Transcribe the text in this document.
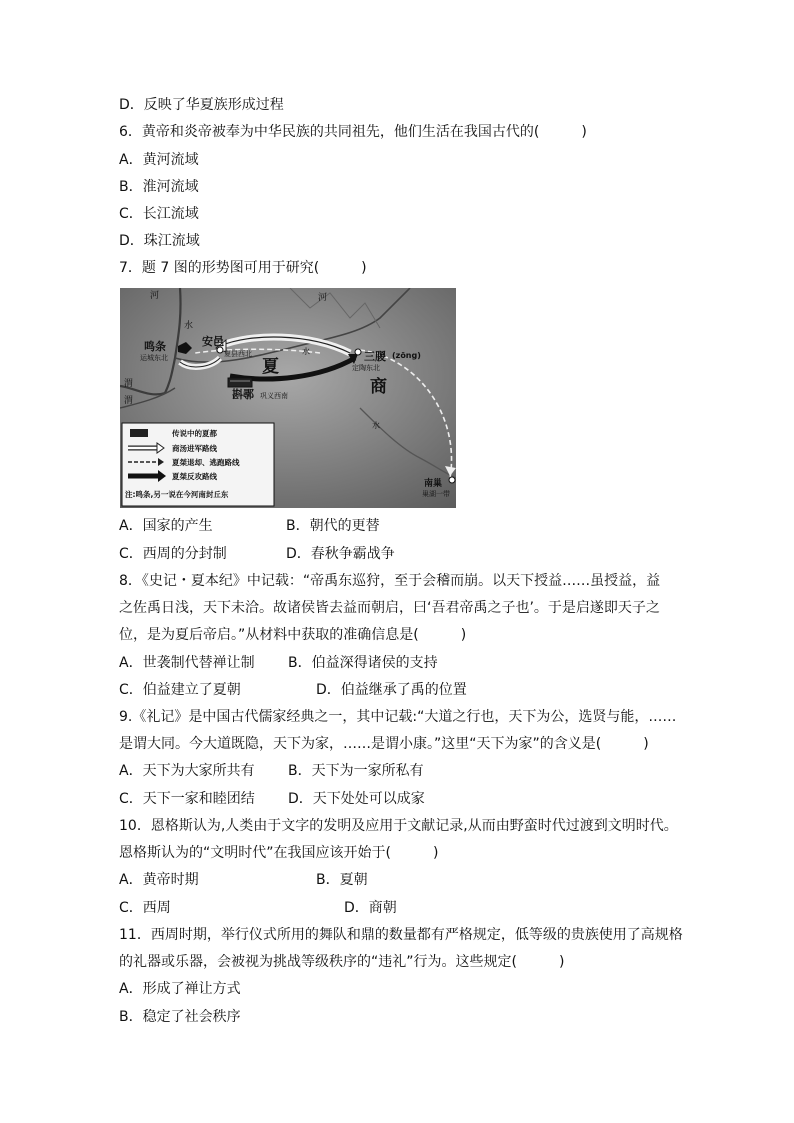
D．反映了华夏族形成过程
6．黄帝和炎帝被奉为中华民族的共同祖先，他们生活在我国古代的(　　　)
A．黄河流域
B．淮河流域
C．长江流域
D．珠江流域
7．题 7 图的形势图可用于研究(　　　)
河
水
河
渭
渭
水
水
安邑
鸣条
运城东北	夏县西北
夏
商
三朡 (zōng)
定陶东北
斟鄩 巩义西南
南巢
巢湖一带
传说中的夏都
商汤进军路线
夏桀退却、逃跑路线
夏桀反攻路线
注:鸣条,另一说在今河南封丘东
A．国家的产生	B．朝代的更替
C．西周的分封制	D．春秋争霸战争
8．《史记・夏本纪》中记载：“帝禹东巡狩，至于会稽而崩。以天下授益……虽授益，益
之佐禹日浅，天下未洽。故诸侯皆去益而朝启，曰‘吾君帝禹之子也’。于是启遂即天子之
位，是为夏后帝启。”从材料中获取的准确信息是(　　　)
A．世袭制代替禅让制 B．伯益深得诸侯的支持
C．伯益建立了夏朝	D．伯益继承了禹的位置
9.《礼记》是中国古代儒家经典之一，其中记载:“大道之行也，天下为公，选贤与能，……
是谓大同。今大道既隐，天下为家，……是谓小康。”这里“天下为家”的含义是(　　　)
A．天下为大家所共有 B．天下为一家所私有
C．天下一家和睦团结 D．天下处处可以成家
10．恩格斯认为,人类由于文字的发明及应用于文献记录,从而由野蛮时代过渡到文明时代。
恩格斯认为的“文明时代”在我国应该开始于(　　　)
A．黄帝时期	B．夏朝
C．西周	D．商朝
11．西周时期，举行仪式所用的舞队和鼎的数量都有严格规定，低等级的贵族使用了高规格
的礼器或乐器，会被视为挑战等级秩序的“违礼”行为。这些规定(　　　)
A．形成了禅让方式
B．稳定了社会秩序
